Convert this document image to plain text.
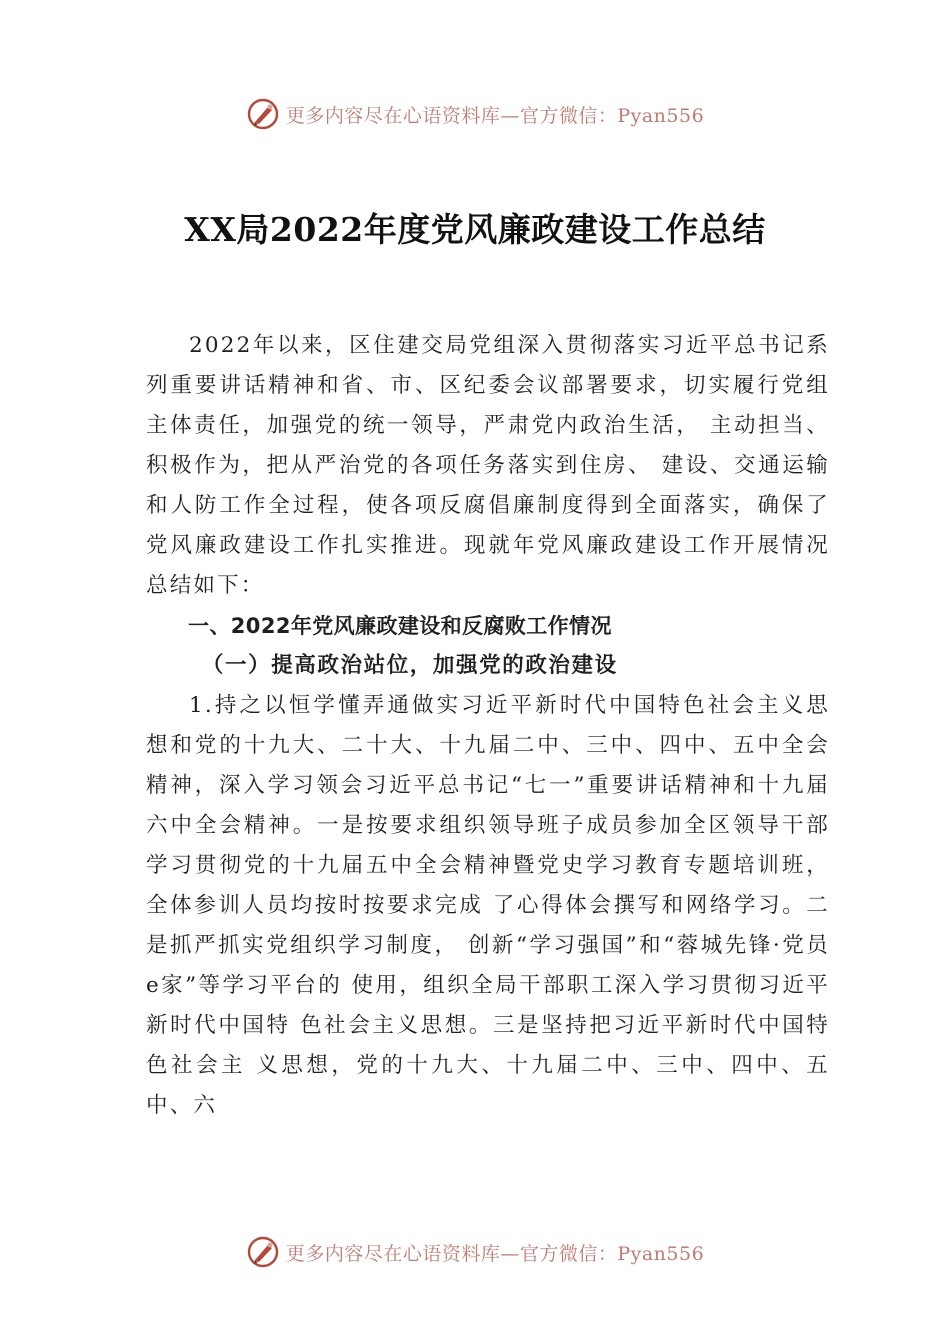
更多内容尽在心语资料库—官方微信：Pyan556
XX局2022年度党风廉政建设工作总结

2022年以来，区住建交局党组深入贯彻落实习近平总书记系列重要讲话精神和省、市、区纪委会议部署要求，切实履行党组主体责任，加强党的统一领导，严肃党内政治生活， 主动担当、积极作为，把从严治党的各项任务落实到住房、 建设、交通运输和人防工作全过程，使各项反腐倡廉制度得到全面落实，确保了党风廉政建设工作扎实推进。现就年党风廉政建设工作开展情况总结如下：

一、2022年党风廉政建设和反腐败工作情况

（一）提高政治站位，加强党的政治建设

1.持之以恒学懂弄通做实习近平新时代中国特色社会主义思想和党的十九大、二十大、十九届二中、三中、四中、五中全会精神，深入学习领会习近平总书记“七一”重要讲话精神和十九届六中全会精神。一是按要求组织领导班子成员参加全区领导干部学习贯彻党的十九届五中全会精神暨党史学习教育专题培训班，全体参训人员均按时按要求完成 了心得体会撰写和网络学习。二是抓严抓实党组织学习制度， 创新“学习强国”和“蓉城先锋·党员 e家”等学习平台的 使用，组织全局干部职工深入学习贯彻习近平新时代中国特 色社会主义思想。三是坚持把习近平新时代中国特色社会主 义思想，党的十九大、十九届二中、三中、四中、五中、六

更多内容尽在心语资料库—官方微信：Pyan556
